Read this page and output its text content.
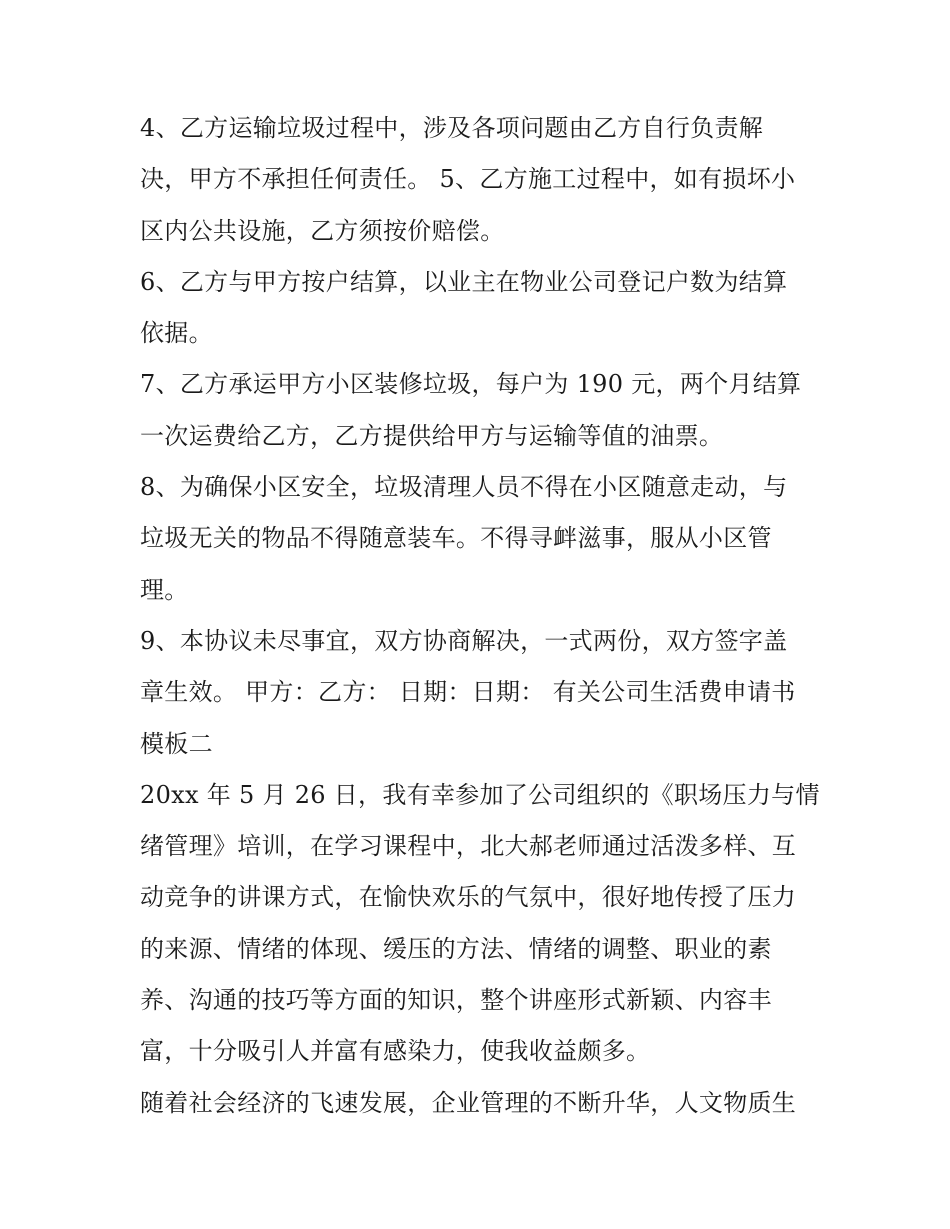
4、乙方运输垃圾过程中，涉及各项问题由乙方自行负责解
决，甲方不承担任何责任。 5、乙方施工过程中，如有损坏小
区内公共设施，乙方须按价赔偿。
6、乙方与甲方按户结算，以业主在物业公司登记户数为结算
依据。
7、乙方承运甲方小区装修垃圾，每户为 190 元，两个月结算
一次运费给乙方，乙方提供给甲方与运输等值的油票。
8、为确保小区安全，垃圾清理人员不得在小区随意走动，与
垃圾无关的物品不得随意装车。不得寻衅滋事，服从小区管
理。
9、本协议未尽事宜，双方协商解决，一式两份，双方签字盖
章生效。 甲方：乙方： 日期：日期： 有关公司生活费申请书
模板二
20xx 年 5 月 26 日，我有幸参加了公司组织的《职场压力与情
绪管理》培训，在学习课程中，北大郝老师通过活泼多样、互
动竞争的讲课方式，在愉快欢乐的气氛中，很好地传授了压力
的来源、情绪的体现、缓压的方法、情绪的调整、职业的素
养、沟通的技巧等方面的知识，整个讲座形式新颖、内容丰
富，十分吸引人并富有感染力，使我收益颇多。
随着社会经济的飞速发展，企业管理的不断升华，人文物质生
